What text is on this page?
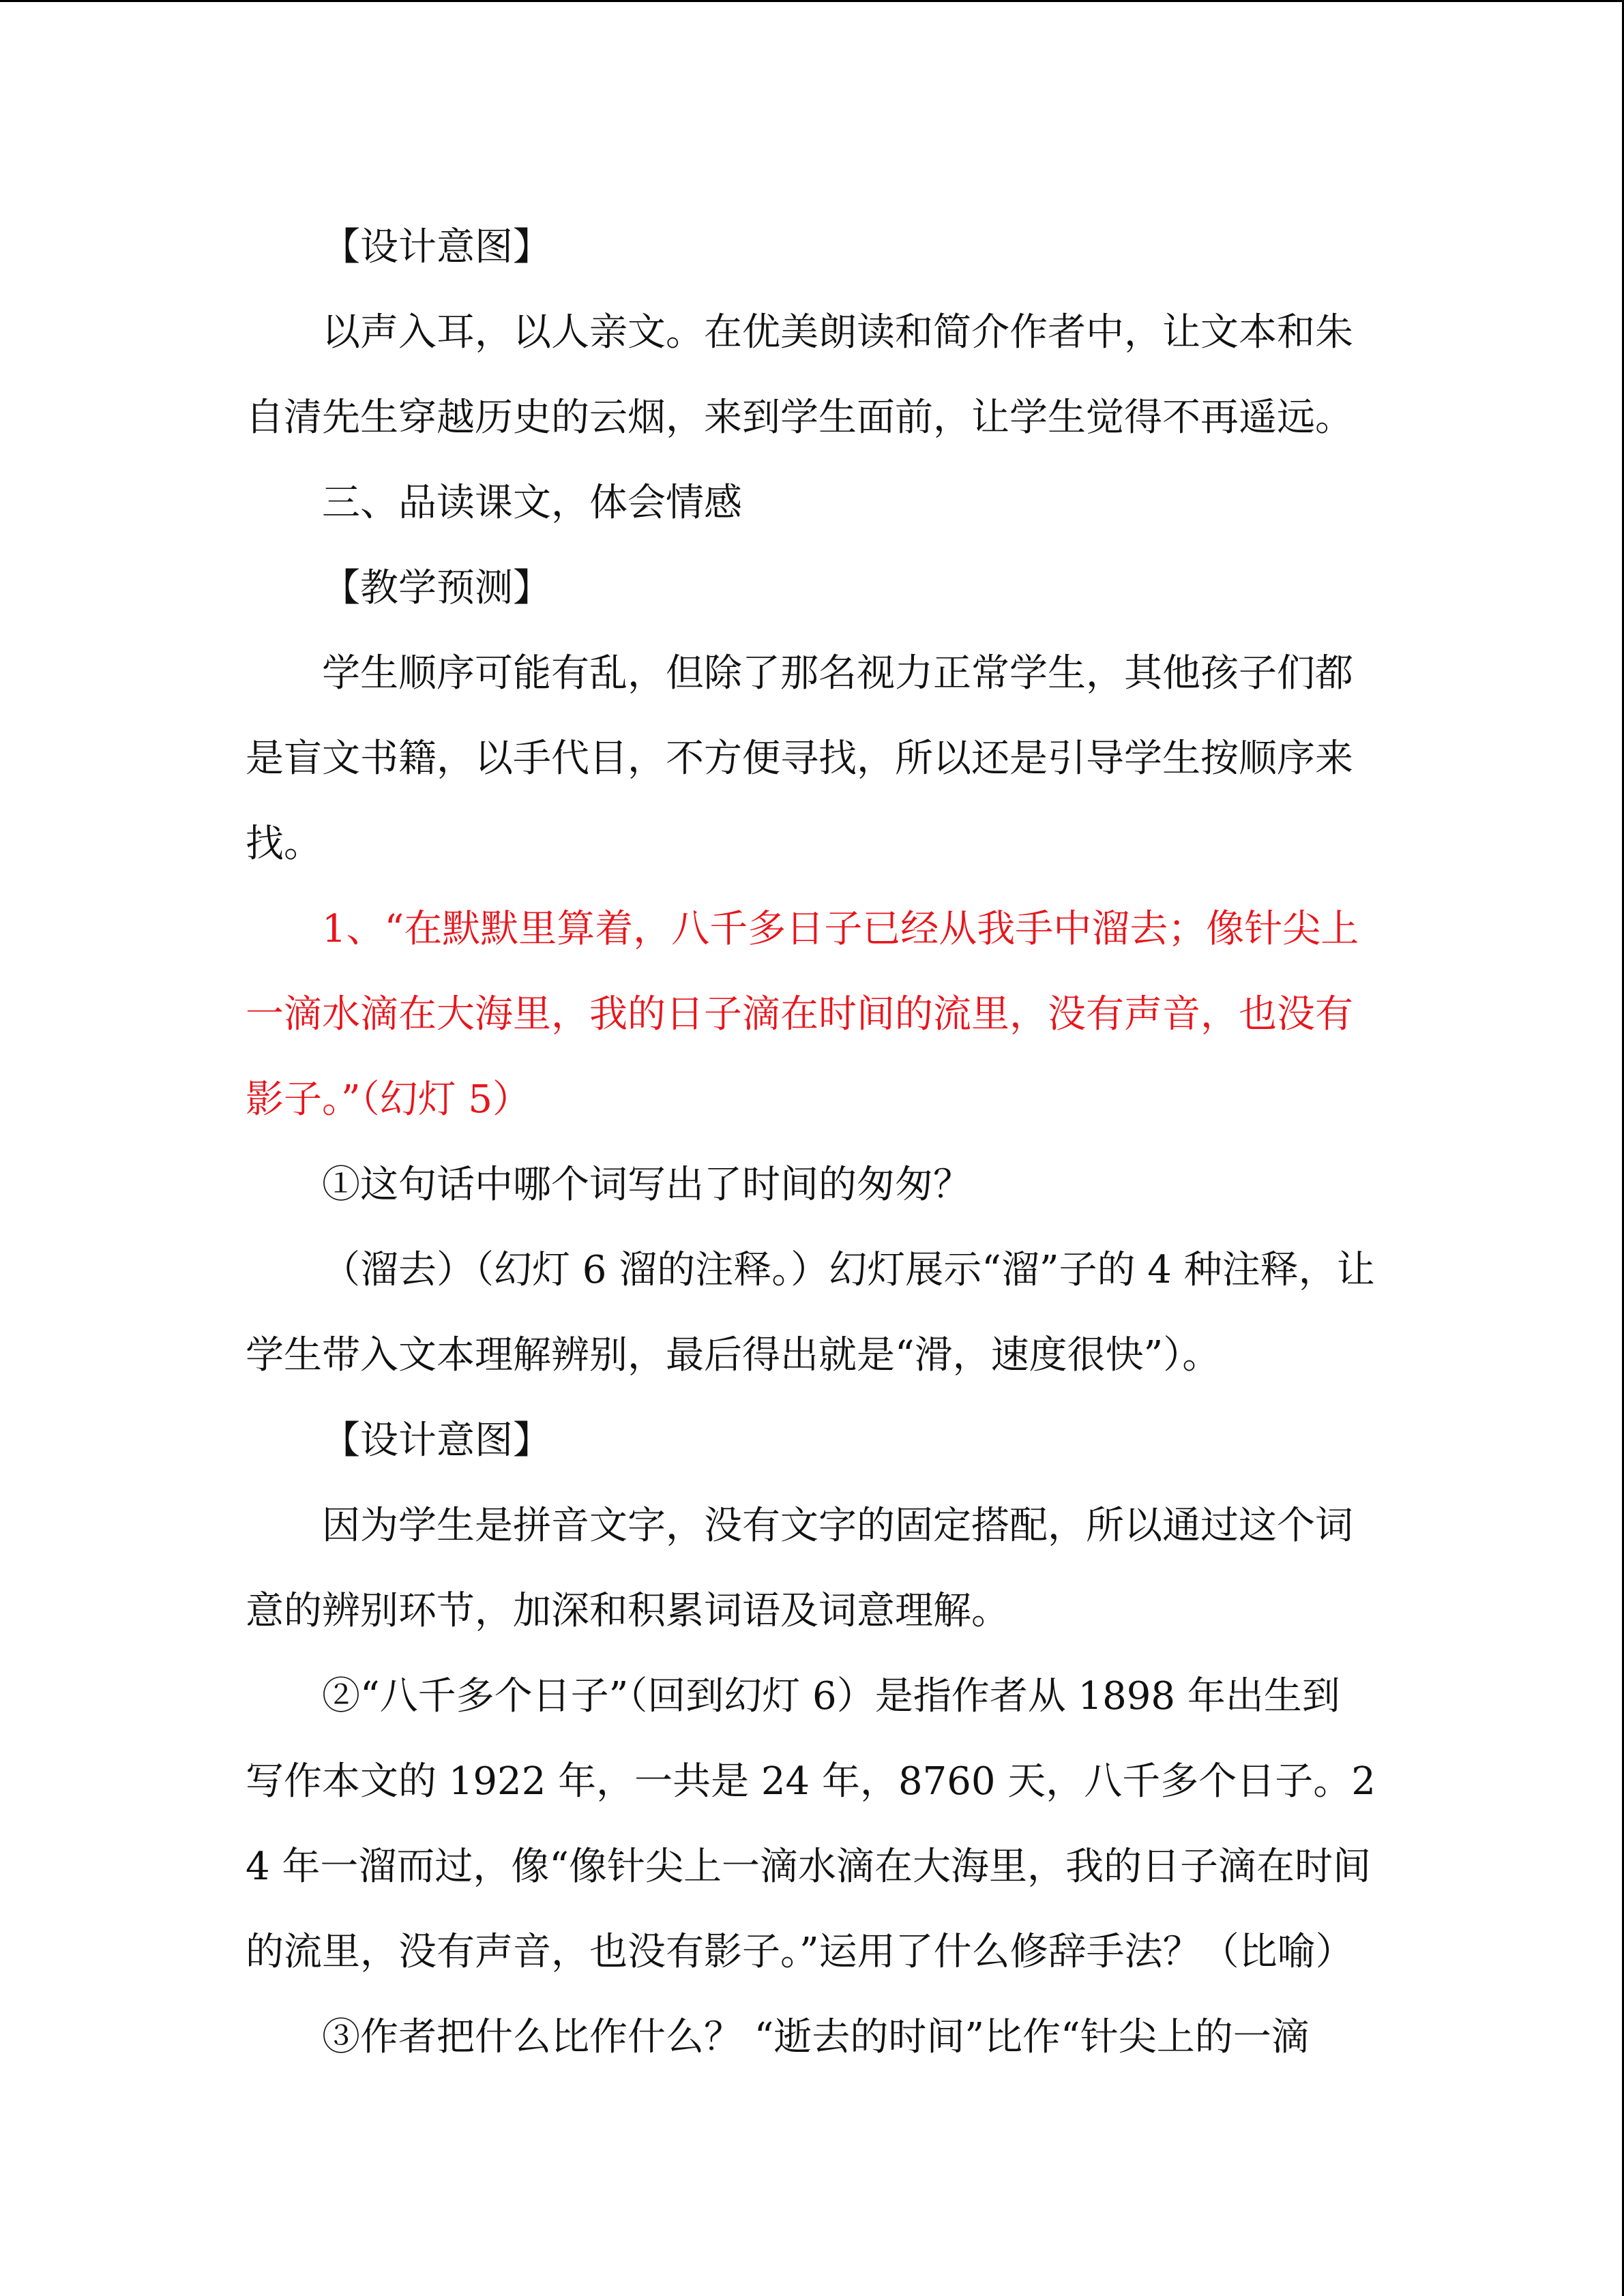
【设计意图】

以声入耳，以人亲文。在优美朗读和简介作者中，让文本和朱自清先生穿越历史的云烟，来到学生面前，让学生觉得不再遥远。

三、品读课文，体会情感

【教学预测】

学生顺序可能有乱，但除了那名视力正常学生，其他孩子们都是盲文书籍，以手代目，不方便寻找，所以还是引导学生按顺序来找。

1、“在默默里算着，八千多日子已经从我手中溜去；像针尖上一滴水滴在大海里，我的日子滴在时间的流里，没有声音，也没有影子。”（幻灯 5）

①这句话中哪个词写出了时间的匆匆？

（溜去）（幻灯 6 溜的注释。）幻灯展示“溜”子的 4 种注释，让学生带入文本理解辨别，最后得出就是“滑，速度很快”）。

【设计意图】

因为学生是拼音文字，没有文字的固定搭配，所以通过这个词意的辨别环节，加深和积累词语及词意理解。

②“八千多个日子”（回到幻灯 6）是指作者从 1898 年出生到写作本文的 1922 年，一共是 24 年，8760 天，八千多个日子。24 年一溜而过，像“像针尖上一滴水滴在大海里，我的日子滴在时间的流里，没有声音，也没有影子。”运用了什么修辞手法？（比喻）

③作者把什么比作什么？ “逝去的时间”比作“针尖上的一滴
